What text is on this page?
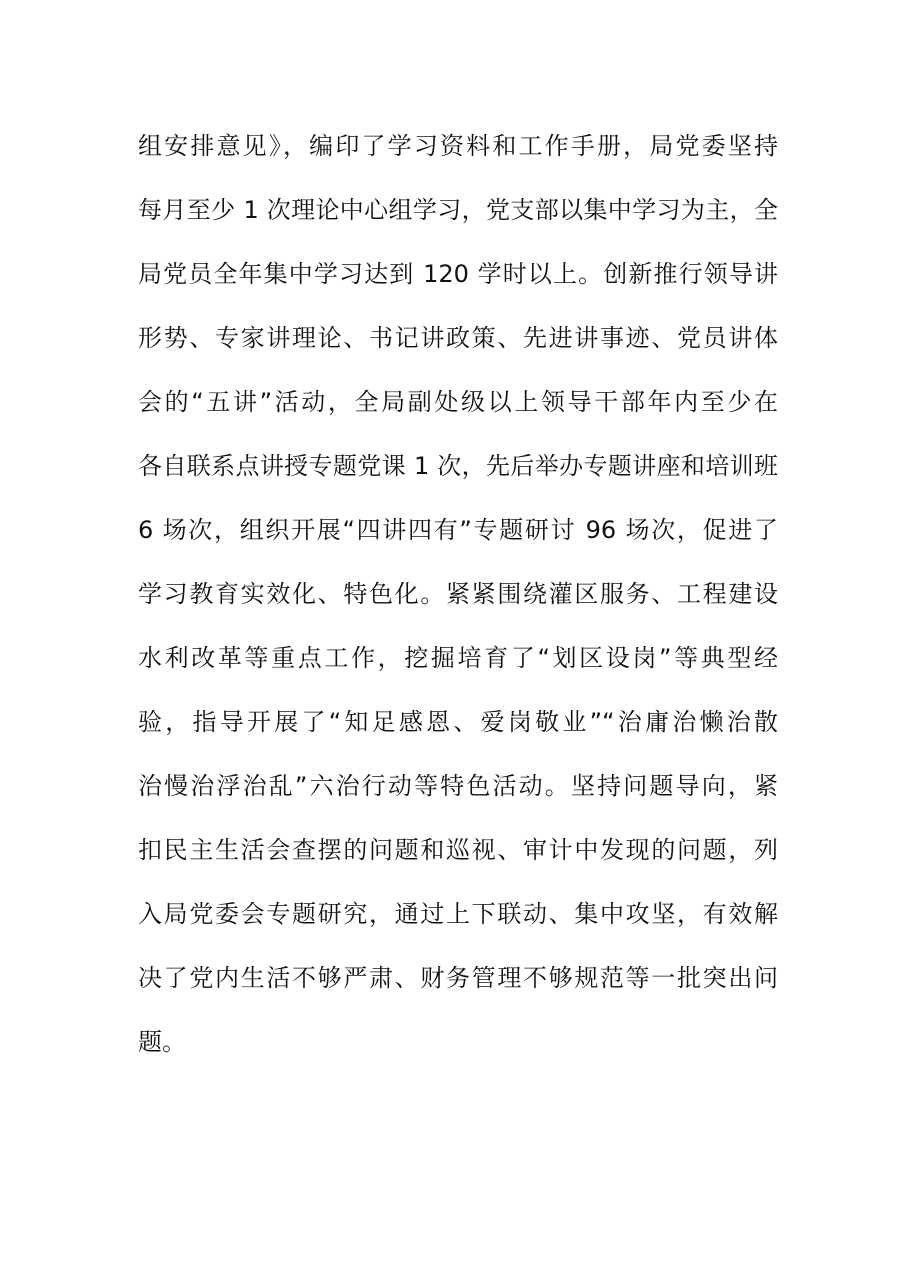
组安排意见》，编印了学习资料和工作手册，局党委坚持
每月至少 1 次理论中心组学习，党支部以集中学习为主，全
局党员全年集中学习达到 120 学时以上。创新推行领导讲
形势、专家讲理论、书记讲政策、先进讲事迹、党员讲体
会的“五讲”活动，全局副处级以上领导干部年内至少在
各自联系点讲授专题党课 1 次，先后举办专题讲座和培训班
6 场次，组织开展“四讲四有”专题研讨 96 场次，促进了
学习教育实效化、特色化。紧紧围绕灌区服务、工程建设
水利改革等重点工作，挖掘培育了“划区设岗”等典型经
验，指导开展了“知足感恩、爱岗敬业”“治庸治懒治散
治慢治浮治乱”六治行动等特色活动。坚持问题导向，紧
扣民主生活会查摆的问题和巡视、审计中发现的问题，列
入局党委会专题研究，通过上下联动、集中攻坚，有效解
决了党内生活不够严肃、财务管理不够规范等一批突出问
题。
